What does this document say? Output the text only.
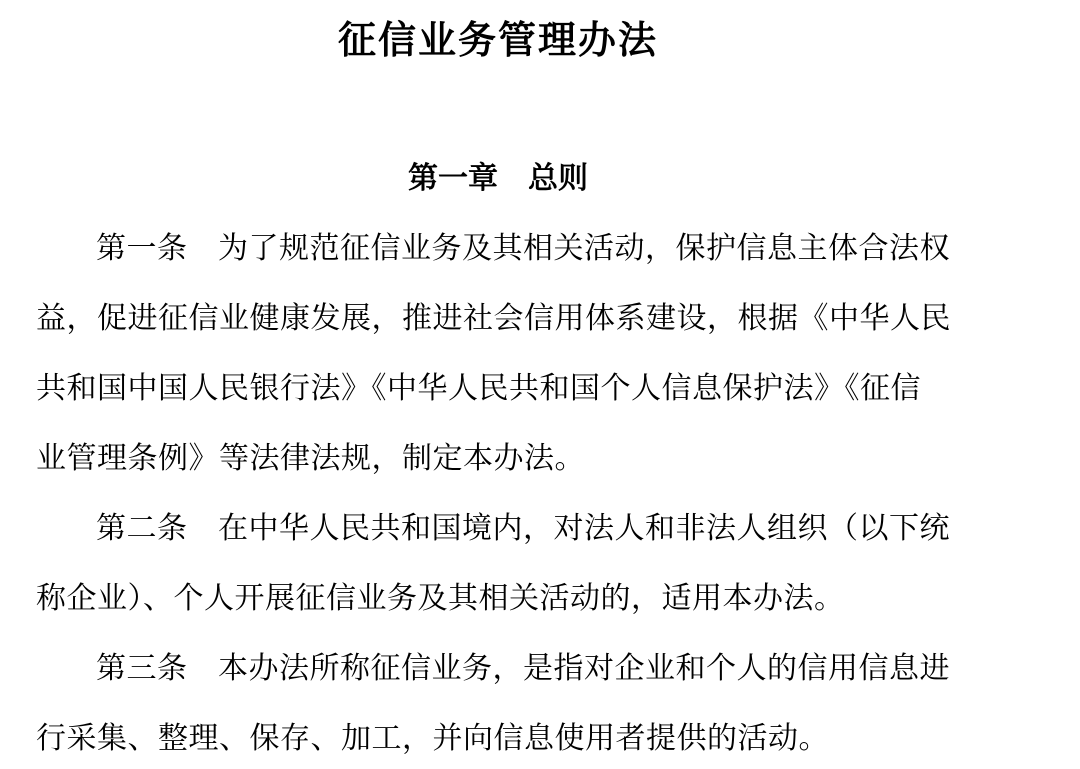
征信业务管理办法
第一章　总则
第一条　 为了规范征信业务及其相关活动，保护信息主体合法权
益，促进征信业健康发展，推进社会信用体系建设，根据《中华人民
共和国中国人民银行法》《中华人民共和国个人信息保护法》《征信
业管理条例》等法律法规，制定本办法。
第二条　 在中华人民共和国境内，对法人和非法人组织（以下统
称企业）、个人开展征信业务及其相关活动的，适用本办法。
第三条　 本办法所称征信业务，是指对企业和个人的信用信息进
行采集、整理、保存、加工，并向信息使用者提供的活动。
